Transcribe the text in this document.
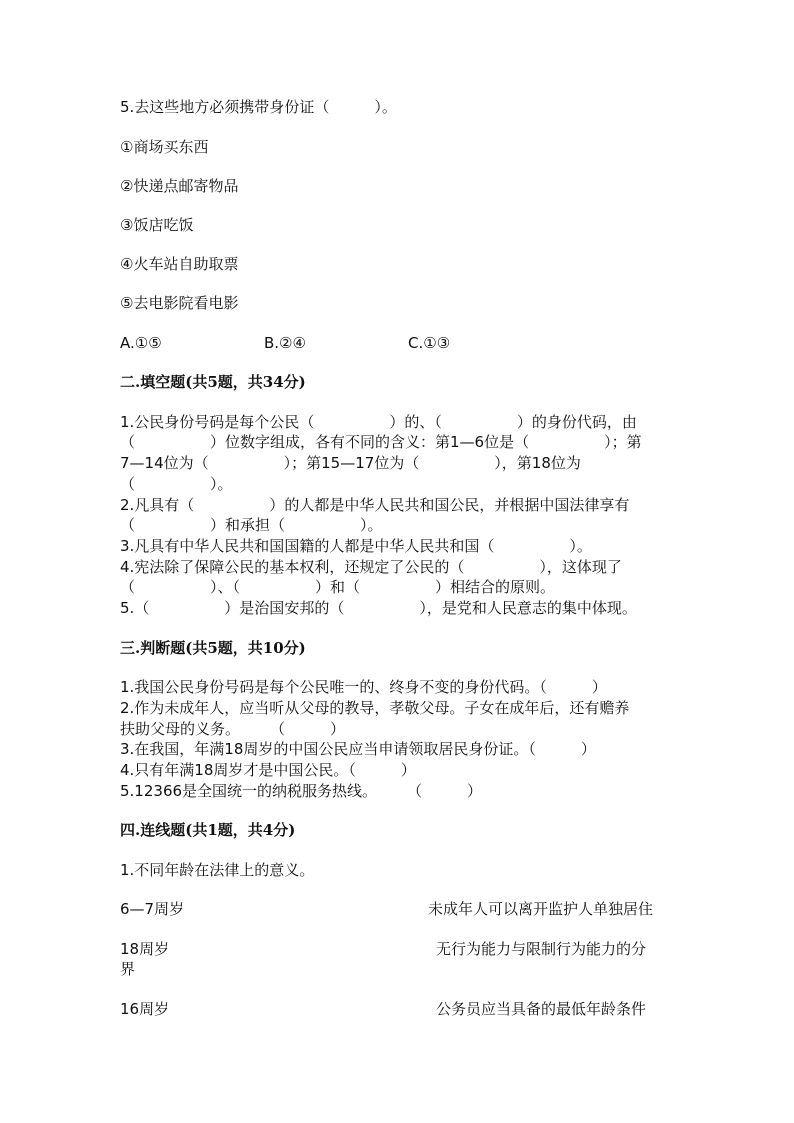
5.去这些地方必须携带身份证（　　　）。
①商场买东西
②快递点邮寄物品
③饭店吃饭
④火车站自助取票
⑤去电影院看电影
A.①⑤	B.②④	C.①③
二.填空题(共5题，共34分)
1.公民身份号码是每个公民（　　　　　）的、（　　　　　）的身份代码，由
（　　　　　）位数字组成，各有不同的含义：第1—6位是（　　　　　）；第
7—14位为（　　　　　）；第15—17位为（　　　　　），第18位为
（　　　　　）。
2.凡具有（　　　　　）的人都是中华人民共和国公民，并根据中国法律享有
（　　　　　）和承担（　　　　　）。
3.凡具有中华人民共和国国籍的人都是中华人民共和国（　　　　　）。
4.宪法除了保障公民的基本权利，还规定了公民的（　　　　　），这体现了
（　　　　　）、（　　　　　）和（　　　　　）相结合的原则。
5.（　　　　　）是治国安邦的（　　　　　），是党和人民意志的集中体现。
三.判断题(共5题，共10分)
1.我国公民身份号码是每个公民唯一的、终身不变的身份代码。（　　　）
2.作为未成年人，应当听从父母的教导，孝敬父母。子女在成年后，还有赡养
扶助父母的义务。　　　（　　　）
3.在我国，年满18周岁的中国公民应当申请领取居民身份证。（　　　）
4.只有年满18周岁才是中国公民。（　　　）
5.12366是全国统一的纳税服务热线。　　　（　　　）
四.连线题(共1题，共4分)
1.不同年龄在法律上的意义。
6—7周岁	未成年人可以离开监护人单独居住
18周岁	无行为能力与限制行为能力的分
界
16周岁	公务员应当具备的最低年龄条件
